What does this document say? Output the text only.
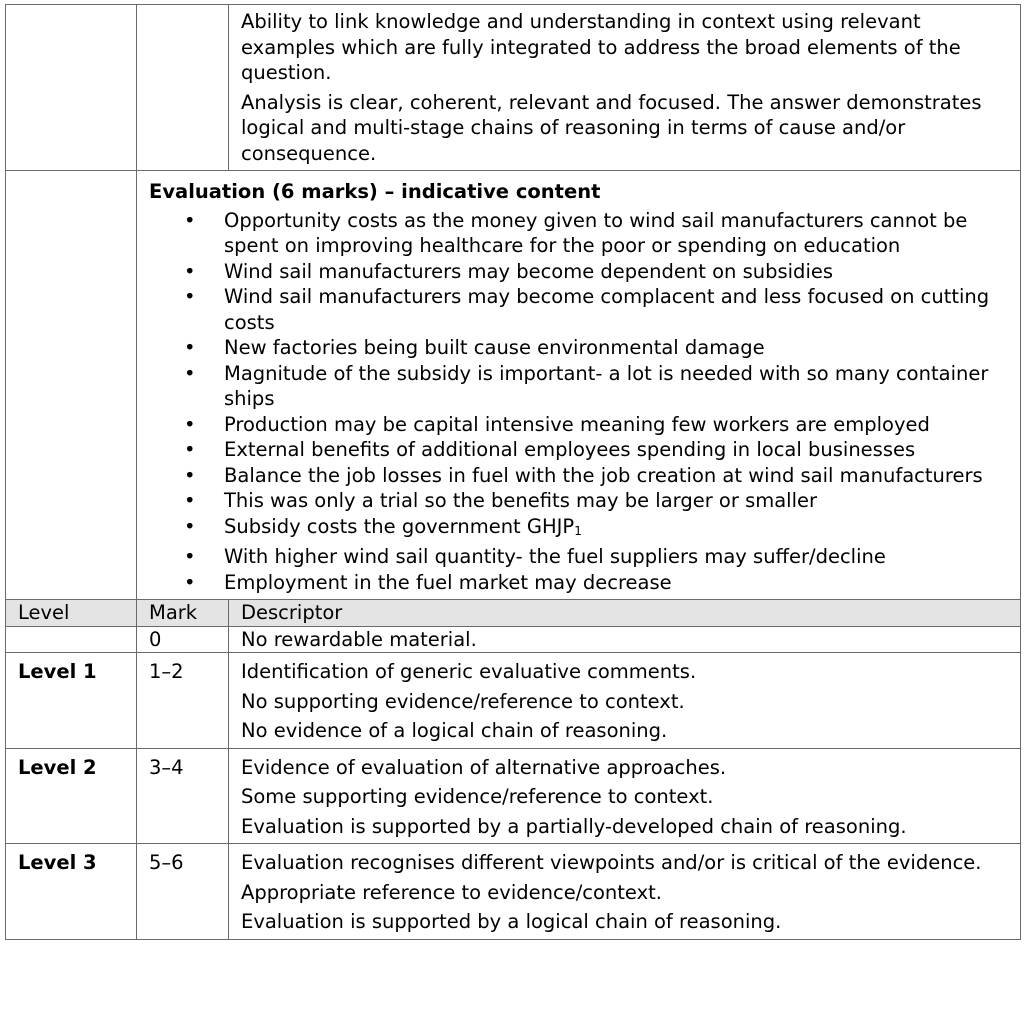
		Ability to link knowledge and understanding in context using relevant examples which are fully integrated to address the broad elements of the question.

Analysis is clear, coherent, relevant and focused. The answer demonstrates logical and multi-stage chains of reasoning in terms of cause and/or consequence.

Evaluation (6 marks) – indicative content
• Opportunity costs as the money given to wind sail manufacturers cannot be spent on improving healthcare for the poor or spending on education
• Wind sail manufacturers may become dependent on subsidies
• Wind sail manufacturers may become complacent and less focused on cutting costs
• New factories being built cause environmental damage
• Magnitude of the subsidy is important- a lot is needed with so many container ships
• Production may be capital intensive meaning few workers are employed
• External benefits of additional employees spending in local businesses
• Balance the job losses in fuel with the job creation at wind sail manufacturers
• This was only a trial so the benefits may be larger or smaller
• Subsidy costs the government GHJP1
• With higher wind sail quantity- the fuel suppliers may suffer/decline
• Employment in the fuel market may decrease

Level	Mark	Descriptor
	0	No rewardable material.
Level 1	1–2	Identification of generic evaluative comments.

No supporting evidence/reference to context.

No evidence of a logical chain of reasoning.

Level 2	3–4	Evidence of evaluation of alternative approaches.

Some supporting evidence/reference to context.

Evaluation is supported by a partially-developed chain of reasoning.

Level 3	5–6	Evaluation recognises different viewpoints and/or is critical of the evidence.

Appropriate reference to evidence/context.

Evaluation is supported by a logical chain of reasoning.
